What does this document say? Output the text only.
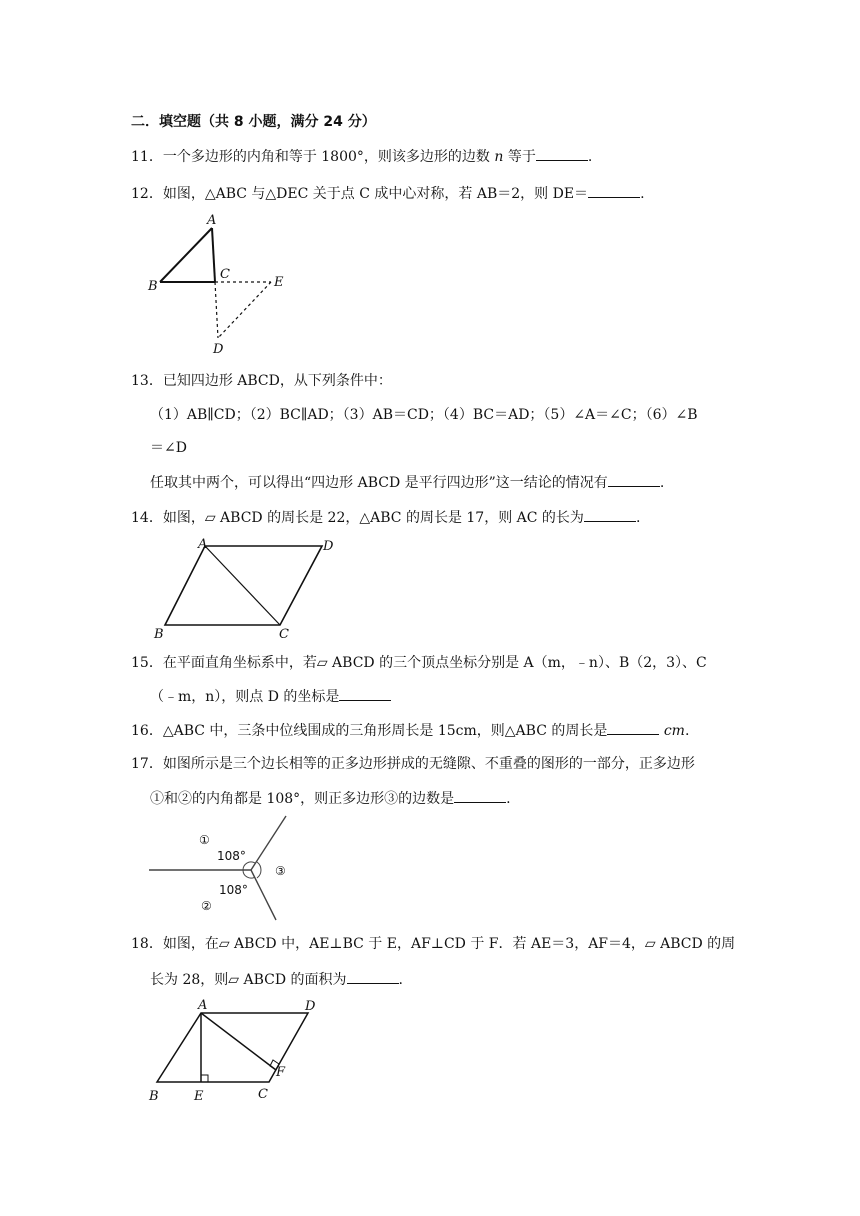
二．填空题（共 8 小题，满分 24 分）
11．一个多边形的内角和等于 1800°，则该多边形的边数 n 等于	.
12．如图，△ABC 与△DEC 关于点 C 成中心对称，若 AB＝2，则 DE＝	.
A
B
C
E
D
13．已知四边形 ABCD，从下列条件中：
（1）AB∥CD；（2）BC∥AD；（3）AB＝CD；（4）BC＝AD；（5）∠A＝∠C；（6）∠B
＝∠D
任取其中两个，可以得出“四边形 ABCD 是平行四边形”这一结论的情况有	.
14．如图，▱ ABCD 的周长是 22，△ABC 的周长是 17，则 AC 的长为	.
A	D
B	C
15．在平面直角坐标系中，若▱ ABCD 的三个顶点坐标分别是 A（m，﹣n）、B（2，3）、C
（﹣m，n），则点 D 的坐标是
16．△ABC 中，三条中位线围成的三角形周长是 15cm，则△ABC 的周长是	cm.
17．如图所示是三个边长相等的正多边形拼成的无缝隙、不重叠的图形的一部分，正多边形
①和②的内角都是 108°，则正多边形③的边数是	.
①
108°
③
108°
②
18．如图，在▱ ABCD 中，AE⊥BC 于 E，AF⊥CD 于 F．若 AE＝3，AF＝4，▱ ABCD 的周
长为 28，则▱ ABCD 的面积为	.
A	D
B	E	C
F
